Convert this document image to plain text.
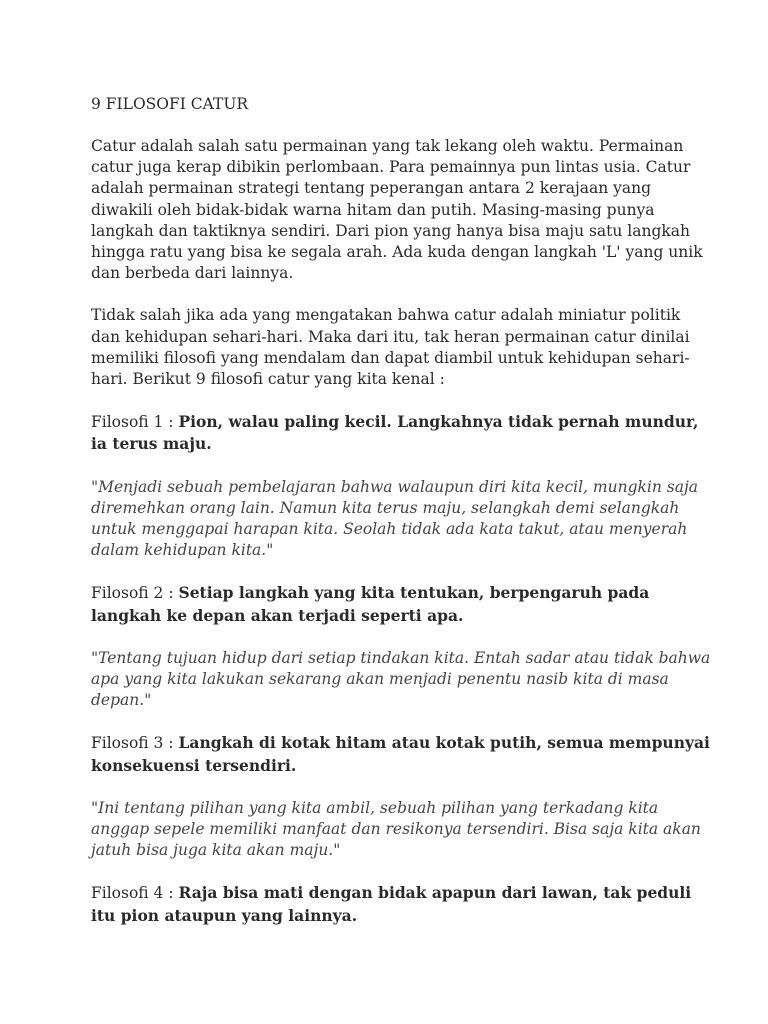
9 FILOSOFI CATUR

Catur adalah salah satu permainan yang tak lekang oleh waktu. Permainan catur juga kerap dibikin perlombaan. Para pemainnya pun lintas usia. Catur adalah permainan strategi tentang peperangan antara 2 kerajaan yang diwakili oleh bidak-bidak warna hitam dan putih. Masing-masing punya langkah dan taktiknya sendiri. Dari pion yang hanya bisa maju satu langkah hingga ratu yang bisa ke segala arah. Ada kuda dengan langkah 'L' yang unik dan berbeda dari lainnya.

Tidak salah jika ada yang mengatakan bahwa catur adalah miniatur politik dan kehidupan sehari-hari. Maka dari itu, tak heran permainan catur dinilai memiliki filosofi yang mendalam dan dapat diambil untuk kehidupan sehari-hari. Berikut 9 filosofi catur yang kita kenal :

Filosofi 1 : Pion, walau paling kecil. Langkahnya tidak pernah mundur, ia terus maju.

"Menjadi sebuah pembelajaran bahwa walaupun diri kita kecil, mungkin saja diremehkan orang lain. Namun kita terus maju, selangkah demi selangkah untuk menggapai harapan kita. Seolah tidak ada kata takut, atau menyerah dalam kehidupan kita."

Filosofi 2 : Setiap langkah yang kita tentukan, berpengaruh pada langkah ke depan akan terjadi seperti apa.

"Tentang tujuan hidup dari setiap tindakan kita. Entah sadar atau tidak bahwa apa yang kita lakukan sekarang akan menjadi penentu nasib kita di masa depan."

Filosofi 3 : Langkah di kotak hitam atau kotak putih, semua mempunyai konsekuensi tersendiri.

"Ini tentang pilihan yang kita ambil, sebuah pilihan yang terkadang kita anggap sepele memiliki manfaat dan resikonya tersendiri. Bisa saja kita akan jatuh bisa juga kita akan maju."

Filosofi 4 : Raja bisa mati dengan bidak apapun dari lawan, tak peduli itu pion ataupun yang lainnya.
